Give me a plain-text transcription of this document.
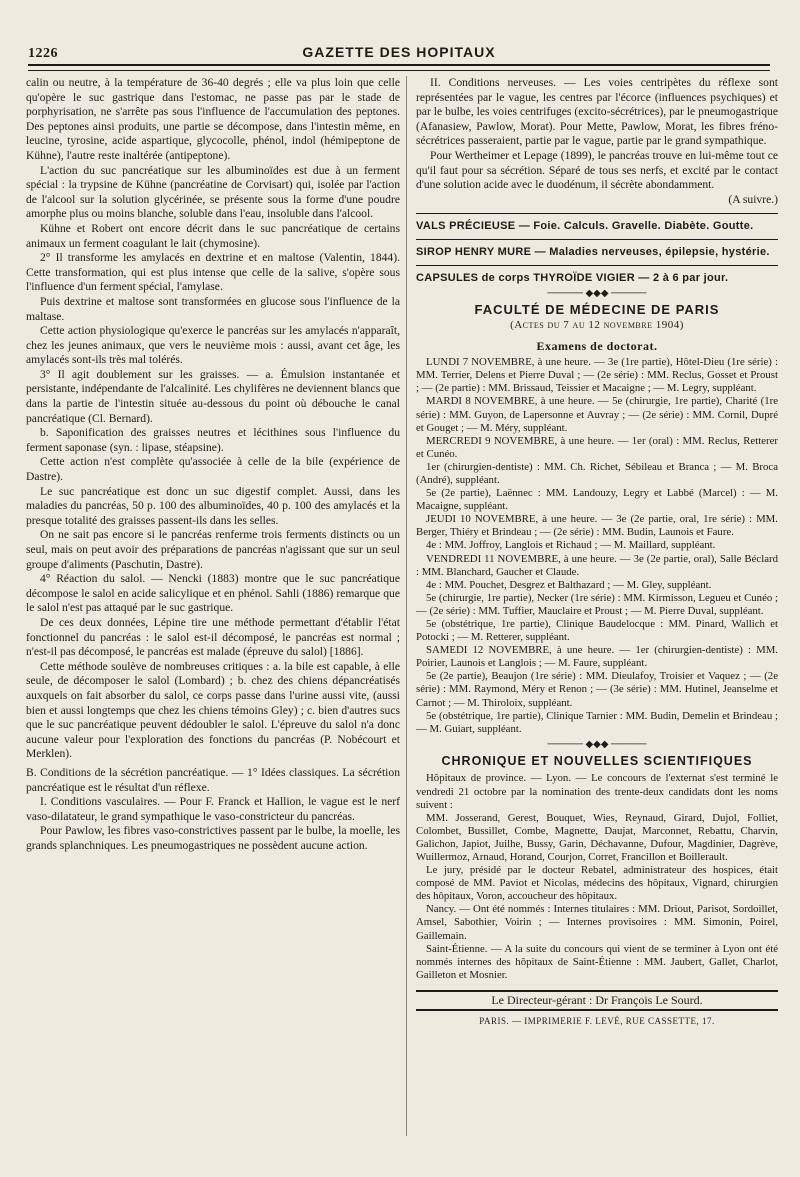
1226	GAZETTE DES HOPITAUX

calin ou neutre, à la température de 36-40 degrés ; elle va plus loin que celle qu'opère le suc gastrique dans l'estomac, ne passe pas par le stade de porphyrisation, ne s'arrête pas sous l'influence de l'accumulation des peptones. Des peptones ainsi produits, une partie se décompose, dans l'intestin même, en leucine, tyrosine, acide aspartique, glycocolle, phénol, indol (hémipeptone de Kühne), l'autre reste inaltérée (antipeptone).

L'action du suc pancréatique sur les albuminoïdes est due à un ferment spécial : la trypsine de Kühne (pancréatine de Corvisart) qui, isolée par l'action de l'alcool sur la solution glycérinée, se présente sous la forme d'une poudre amorphe plus ou moins blanche, soluble dans l'eau, insoluble dans l'alcool.

Kühne et Robert ont encore décrit dans le suc pancréatique de certains animaux un ferment coagulant le lait (chymosine).

2° Il transforme les amylacés en dextrine et en maltose (Valentin, 1844). Cette transformation, qui est plus intense que celle de la salive, s'opère sous l'influence d'un ferment spécial, l'amylase.

Puis dextrine et maltose sont transformées en glucose sous l'influence de la maltase.

Cette action physiologique qu'exerce le pancréas sur les amylacés n'apparaît, chez les jeunes animaux, que vers le neuvième mois : aussi, avant cet âge, les amylacés sont-ils très mal tolérés.

3° Il agit doublement sur les graisses. — a. Émulsion instantanée et persistante, indépendante de l'alcalinité. Les chylifères ne deviennent blancs que dans la partie de l'intestin située au-dessous du point où débouche le canal pancréatique (Cl. Bernard).

b. Saponification des graisses neutres et lécithines sous l'influence du ferment saponase (syn. : lipase, stéapsine).

Cette action n'est complète qu'associée à celle de la bile (expérience de Dastre).

Le suc pancréatique est donc un suc digestif complet. Aussi, dans les maladies du pancréas, 50 p. 100 des albuminoïdes, 40 p. 100 des amylacés et la presque totalité des graisses passent-ils dans les selles.

On ne sait pas encore si le pancréas renferme trois ferments distincts ou un seul, mais on peut avoir des préparations de pancréas n'agissant que sur un seul groupe d'aliments (Paschutin, Dastre).

4° Réaction du salol. — Nencki (1883) montre que le suc pancréatique décompose le salol en acide salicylique et en phénol. Sahli (1886) remarque que le salol n'est pas attaqué par le suc gastrique.

De ces deux données, Lépine tire une méthode permettant d'établir l'état fonctionnel du pancréas : le salol est-il décomposé, le pancréas est normal ; n'est-il pas décomposé, le pancréas est malade (épreuve du salol) [1886].

Cette méthode soulève de nombreuses critiques : a. la bile est capable, à elle seule, de décomposer le salol (Lombard) ; b. chez des chiens dépancréatisés auxquels on fait absorber du salol, ce corps passe dans l'urine aussi vite, (aussi bien et aussi longtemps que chez les chiens témoins Gley) ; c. bien d'autres sucs que le suc pancréatique peuvent dédoubler le salol. L'épreuve du salol n'a donc aucune valeur pour l'exploration des fonctions du pancréas (P. Nobécourt et Merklen).

B. Conditions de la sécrétion pancréatique. — 1° Idées classiques. La sécrétion pancréatique est le résultat d'un réflexe.

I. Conditions vasculaires. — Pour F. Franck et Hallion, le vague est le nerf vaso-dilatateur, le grand sympathique le vaso-constricteur du pancréas.

Pour Pawlow, les fibres vaso-constrictives passent par le bulbe, la moelle, les grands splanchniques. Les pneumogastriques ne possèdent aucune action.

II. Conditions nerveuses. — Les voies centripètes du réflexe sont représentées par le vague, les centres par l'écorce (influences psychiques) et par le bulbe, les voies centrifuges (excito-sécrétrices), par le pneumogastrique (Afanasiew, Pawlow, Morat). Pour Mette, Pawlow, Morat, les fibres fréno-sécrétrices passeraient, partie par le vague, partie par le grand sympathique.

Pour Wertheimer et Lepage (1899), le pancréas trouve en lui-même tout ce qu'il faut pour sa sécrétion. Séparé de tous ses nerfs, et excité par le contact d'une solution acide avec le duodénum, il sécrète abondamment.

(A suivre.)

VALS PRÉCIEUSE — Foie. Calculs. Gravelle. Diabète. Goutte.

SIROP HENRY MURE — Maladies nerveuses, épilepsie, hystérie.

CAPSULES de corps THYROÏDE VIGIER — 2 à 6 par jour.

───── ◆◆◆ ─────

FACULTÉ DE MÉDECINE DE PARIS

(Actes du 7 au 12 novembre 1904)

Examens de doctorat.

LUNDI 7 NOVEMBRE, à une heure. — 3e (1re partie), Hôtel-Dieu (1re série) : MM. Terrier, Delens et Pierre Duval ; — (2e série) : MM. Reclus, Gosset et Proust ; — (2e partie) : MM. Brissaud, Teissier et Macaigne ; — M. Legry, suppléant.

MARDI 8 NOVEMBRE, à une heure. — 5e (chirurgie, 1re partie), Charité (1re série) : MM. Guyon, de Lapersonne et Auvray ; — (2e série) : MM. Cornil, Dupré et Gouget ; — M. Méry, suppléant.

MERCREDI 9 NOVEMBRE, à une heure. — 1er (oral) : MM. Reclus, Retterer et Cunéo.

1er (chirurgien-dentiste) : MM. Ch. Richet, Sébileau et Branca ; — M. Broca (André), suppléant.

5e (2e partie), Laënnec : MM. Landouzy, Legry et Labbé (Marcel) : — M. Macaigne, suppléant.

JEUDI 10 NOVEMBRE, à une heure. — 3e (2e partie, oral, 1re série) : MM. Berger, Thiéry et Brindeau ; — (2e série) : MM. Budin, Launois et Faure.

4e : MM. Joffroy, Langlois et Richaud ; — M. Maillard, suppléant.

VENDREDI 11 NOVEMBRE, à une heure. — 3e (2e partie, oral), Salle Béclard : MM. Blanchard, Gaucher et Claude.

4e : MM. Pouchet, Desgrez et Balthazard ; — M. Gley, suppléant.

5e (chirurgie, 1re partie), Necker (1re série) : MM. Kirmisson, Legueu et Cunéo ; — (2e série) : MM. Tuffier, Mauclaire et Proust ; — M. Pierre Duval, suppléant.

5e (obstétrique, 1re partie), Clinique Baudelocque : MM. Pinard, Wallich et Potocki ; — M. Retterer, suppléant.

SAMEDI 12 NOVEMBRE, à une heure. — 1er (chirurgien-dentiste) : MM. Poirier, Launois et Langlois ; — M. Faure, suppléant.

5e (2e partie), Beaujon (1re série) : MM. Dieulafoy, Troisier et Vaquez ; — (2e série) : MM. Raymond, Méry et Renon ; — (3e série) : MM. Hutinel, Jeanselme et Carnot ; — M. Thiroloix, suppléant.

5e (obstétrique, 1re partie), Clinique Tarnier : MM. Budin, Demelin et Brindeau ; — M. Guiart, suppléant.

───── ◆◆◆ ─────

CHRONIQUE ET NOUVELLES SCIENTIFIQUES

Hôpitaux de province. — Lyon. — Le concours de l'externat s'est terminé le vendredi 21 octobre par la nomination des trente-deux candidats dont les noms suivent :

MM. Josserand, Gerest, Bouquet, Wies, Reynaud, Girard, Dujol, Folliet, Colombet, Bussillet, Combe, Magnette, Daujat, Marconnet, Rebattu, Charvin, Galichon, Japiot, Juilhe, Bussy, Garin, Déchavanne, Dufour, Magdinier, Dagrève, Wuillermoz, Arnaud, Horand, Courjon, Corret, Francillon et Boillerault.

Le jury, présidé par le docteur Rebatel, administrateur des hospices, était composé de MM. Paviot et Nicolas, médecins des hôpitaux, Vignard, chirurgien des hôpitaux, Voron, accoucheur des hôpitaux.

Nancy. — Ont été nommés : Internes titulaires : MM. Driout, Parisot, Sordoillet, Amsel, Sabothier, Voirin ; — Internes provisoires : MM. Simonin, Poirel, Gaillemain.

Saint-Étienne. — A la suite du concours qui vient de se terminer à Lyon ont été nommés internes des hôpitaux de Saint-Étienne : MM. Jaubert, Gallet, Charlot, Gailleton et Mosnier.

Le Directeur-gérant : Dr François Le Sourd.

PARIS. — IMPRIMERIE F. LEVÉ, RUE CASSETTE, 17.
